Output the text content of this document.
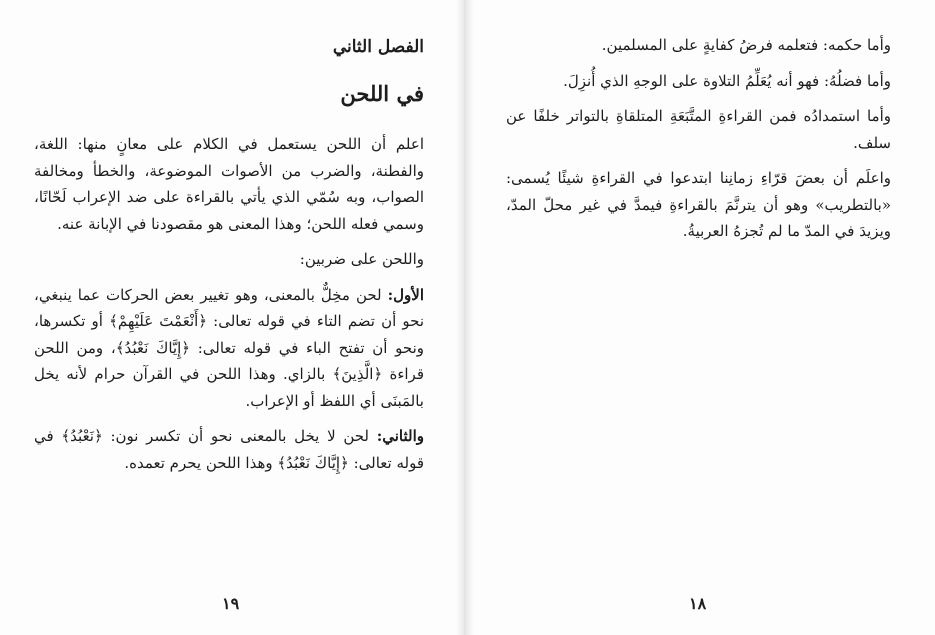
الفصل الثاني
في اللحن

اعلم أن اللحن يستعمل في الكلام على معانٍ منها: اللغة، والفطنة، والضرب من الأصوات الموضوعة، والخطأ ومخالفة الصواب، وبه سُمّي الذي يأتي بالقراءة على ضد الإعراب لَحّانًا، وسمي فعله اللحن؛ وهذا المعنى هو مقصودنا في الإبانة عنه.

واللحن على ضربين:

الأول: لحن مخِلٌّ بالمعنى، وهو تغيير بعض الحركات عما ينبغي، نحو أن تضم التاء في قوله تعالى: ﴿أَنْعَمْتَ عَلَيْهِمْ﴾ أو تكسرها، ونحو أن تفتح الباء في قوله تعالى: ﴿إِيَّاكَ نَعْبُدُ﴾، ومن اللحن قراءة ﴿الَّذِينَ﴾ بالزاي. وهذا اللحن في القرآن حرام لأنه يخل بالمَبنَى أي اللفظ أو الإعراب.

والثاني: لحن لا يخل بالمعنى نحو أن تكسر نون: ﴿نَعْبُدُ﴾ في قوله تعالى: ﴿إِيَّاكَ نَعْبُدُ﴾ وهذا اللحن يحرم تعمده.

١٩

وأما حكمه: فتعلمه فرضُ كفايةٍ على المسلمين.

وأما فضلُهُ: فهو أنه يُعَلِّمُ التلاوة على الوجهِ الذي أُنزِلَ.

وأما استمدادُه فمن القراءةِ المتَّبَعَةِ المتلقاةِ بالتواتر خلفًا عن سلف.

واعلَم أن بعضَ قرّاءِ زمانِنا ابتدعوا في القراءةِ شيئًا يُسمى: «بالتطريب» وهو أن يترنَّمَ بالقراءةِ فيمدَّ في غير محلّ المدّ، ويزيدَ في المدّ ما لم تُجزهُ العربيةُ.

١٨
